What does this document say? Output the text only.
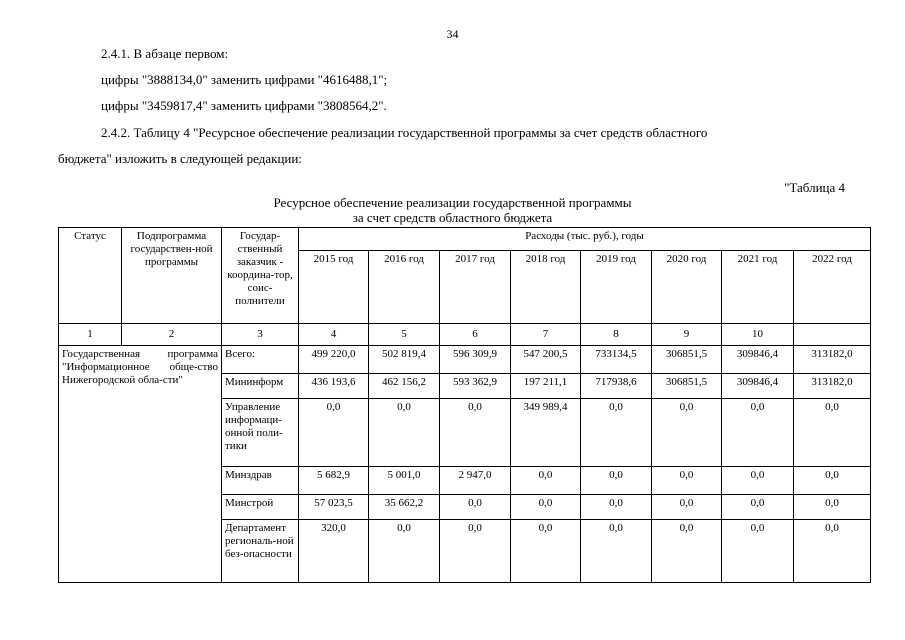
34
2.4.1. В абзаце первом:
цифры "3888134,0" заменить цифрами "4616488,1";
цифры "3459817,4" заменить цифрами "3808564,2".
2.4.2. Таблицу 4 "Ресурсное обеспечение реализации государственной программы за счет средств областного
бюджета" изложить в следующей редакции:
"Таблица 4
Ресурсное обеспечение реализации государственной программы
за счет средств областного бюджета
Статус	Подпрограмма государствен-ной программы	Государ-ственный заказчик - координа-тор, соис-полнители	Расходы (тыс. руб.), годы							
			2015 год	2016 год	2017 год	2018 год	2019 год	2020 год	2021 год	2022 год
1	2	3	4	5	6	7	8	9	10	
Государственная программа "Информационное обще-ство Нижегородской обла-сти"		Всего:	499 220,0	502 819,4	596 309,9	547 200,5	733134,5	306851,5	309846,4	313182,0
		Мининформ	436 193,6	462 156,2	593 362,9	197 211,1	717938,6	306851,5	309846,4	313182,0
		Управление информаци-онной поли-тики	0,0	0,0	0,0	349 989,4	0,0	0,0	0,0	0,0
		Минздрав	5 682,9	5 001,0	2 947,0	0,0	0,0	0,0	0,0	0,0
		Минстрой	57 023,5	35 662,2	0,0	0,0	0,0	0,0	0,0	0,0
		Департамент региональ-ной без-опасности	320,0	0,0	0,0	0,0	0,0	0,0	0,0	0,0
